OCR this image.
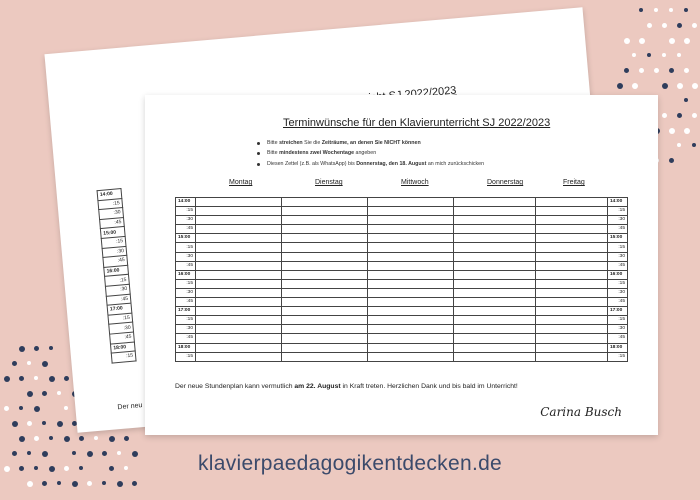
14:00
:15
:30
:45
15:00
:15
:30
:45
16:00
:15
:30
:45
17:00
:15
:30
:45
18:00
:15
Der neu
Terminwünsche für den Klavierunterricht SJ 2022/2023
Bitte streichen Sie die Zeiträume, an denen Sie NICHT können
Bitte mindestens zwei Wochentage angeben
Diesen Zettel (z.B. als WhatsApp) bis Donnerstag, den 18. August an mich zurückschicken
Montag	Dienstag	Mittwoch	Donnerstag	Freitag
14:00						14:00
:15						:15
:30						:30
:45						:45
15:00						15:00
:15						:15
:30						:30
:45						:45
16:00						16:00
:15						:15
:30						:30
:45						:45
17:00						17:00
:15						:15
:30						:30
:45						:45
18:00						18:00
:15						:15
Der neue Stundenplan kann vermutlich am 22. August in Kraft treten. Herzlichen Dank und bis bald im Unterricht!
Carina Busch
klavierpaedagogikentdecken.de
